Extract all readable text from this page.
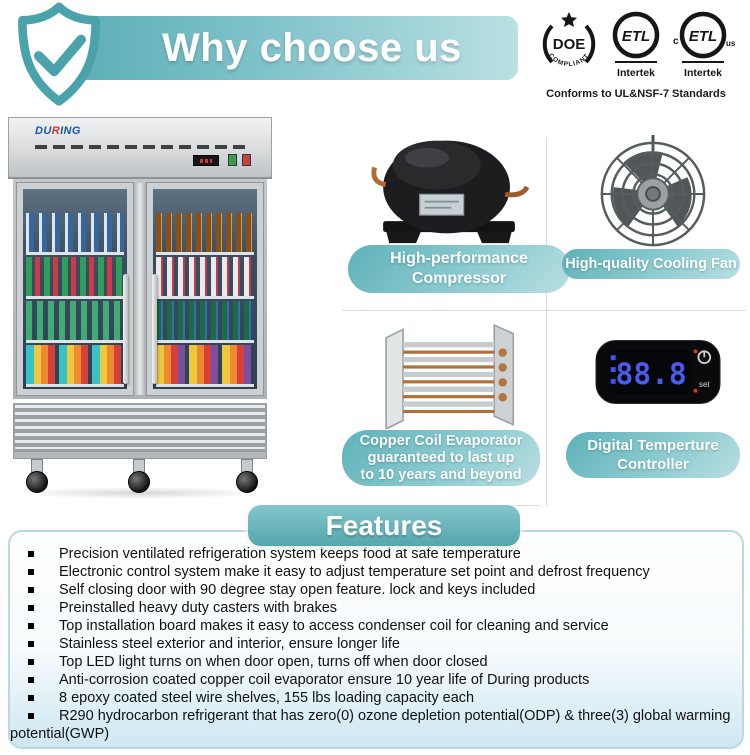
Why choose us	DOE
COMPLIANT
ETL
Intertek
ETL
c	us
Intertek
Conforms to UL&NSF-7 Standards
DURING
88.8 set
High-performance
Compressor
High-quality Cooling Fan
Copper Coil Evaporator
guaranteed to last up
to 10 years and beyond
Digital Temperture
Controller
Features
Precision ventilated refrigeration system keeps food at safe temperature
Electronic control system make it easy to adjust temperature set point and defrost frequency
Self closing door with 90 degree stay open feature. lock and keys included
Preinstalled heavy duty casters with brakes
Top installation board makes it easy to access condenser coil for cleaning and service
Stainless steel exterior and interior, ensure longer life
Top LED light turns on when door open, turns off when door closed
Anti-corrosion coated copper coil evaporator ensure 10 year life of During products
8 epoxy coated steel wire shelves, 155 lbs loading capacity each
R290 hydrocarbon refrigerant that has zero(0) ozone depletion potential(ODP) & three(3) global warming potential(GWP)
